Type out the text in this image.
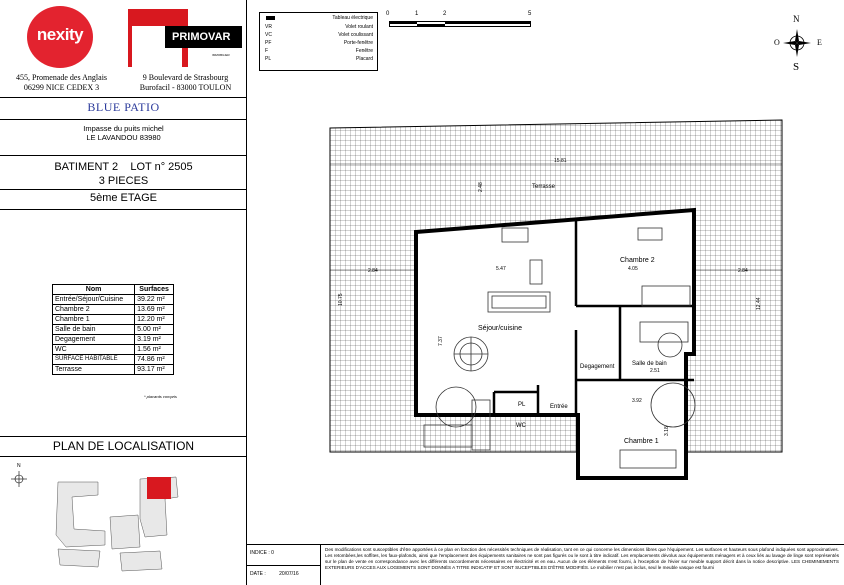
nexity	PRIMOVAR
IMMOBILIER
455, Promenade des Anglais
06299 NICE CEDEX 3
9 Boulevard de Strasbourg
Burofacil - 83000 TOULON
BLUE PATIO
Impasse du puits michel
LE LAVANDOU 83980
BATIMENT 2 LOT n° 2505
3 PIECES
5ème ETAGE
Nom	Surfaces
Entrée/Séjour/Cuisine	39.22 m²
Chambre 2	13.69 m²
Chambre 1	12.20 m²
Salle de bain	5.00 m²
Degagement	3.19 m²
WC	1.56 m²
SURFACE HABITABLE	74.86 m²
Terrasse	93.17 m²
* placards compris
PLAN DE LOCALISATION
N
Tableau électrique
VR	Volet roulant
VC	Volet coulissant
PF	Porte-fenêtre
F	Fenêtre
PL	Placard
0	1	2	5	N
S
E
O
Terrasse
Séjour/cuisine
Chambre 2
Chambre 1
Salle de bain
Degagement
Entrée
WC
PL
15.81
5.47	4.05
2.84	2.84
7.37
2.51
3.92
3.18
12.44
10.75
2.48
INDICE : 0
DATE :	20/07/16
Des modifications sont susceptibles d'être apportées à ce plan en fonction des nécessités techniques de réalisation, tant en ce qui concerne les dimensions libres que l'équipement. Les surfaces et hauteurs sous plafond indiquées sont approximatives. Les retombées,les soffites, les faux-plafonds, ainsi que l'emplacement des équipements sanitaires ne sont pas figurés ou le sont à titre indicatif. Les emplacements dévolus aux équipements ménagers et à ceux liés au lavage de linge sont représentés sur le plan de vente en correspondance avec les différents raccordements nécessaires en électricité et en eau. Aucun de ces éléments n'est fourni, à l'exception de l'évier sur meuble support décrit dans la notice descriptive. LES CHEMINEMENTS EXTERIEURS D'ACCES AUX LOGEMENTS SONT DONNÉS A TITRE INDICATIF ET SONT SUCEPTIBLES D'ÊTRE MODIFIÉS. Le mobilier n'est pas inclus, seul le meuble vasque est fourni
